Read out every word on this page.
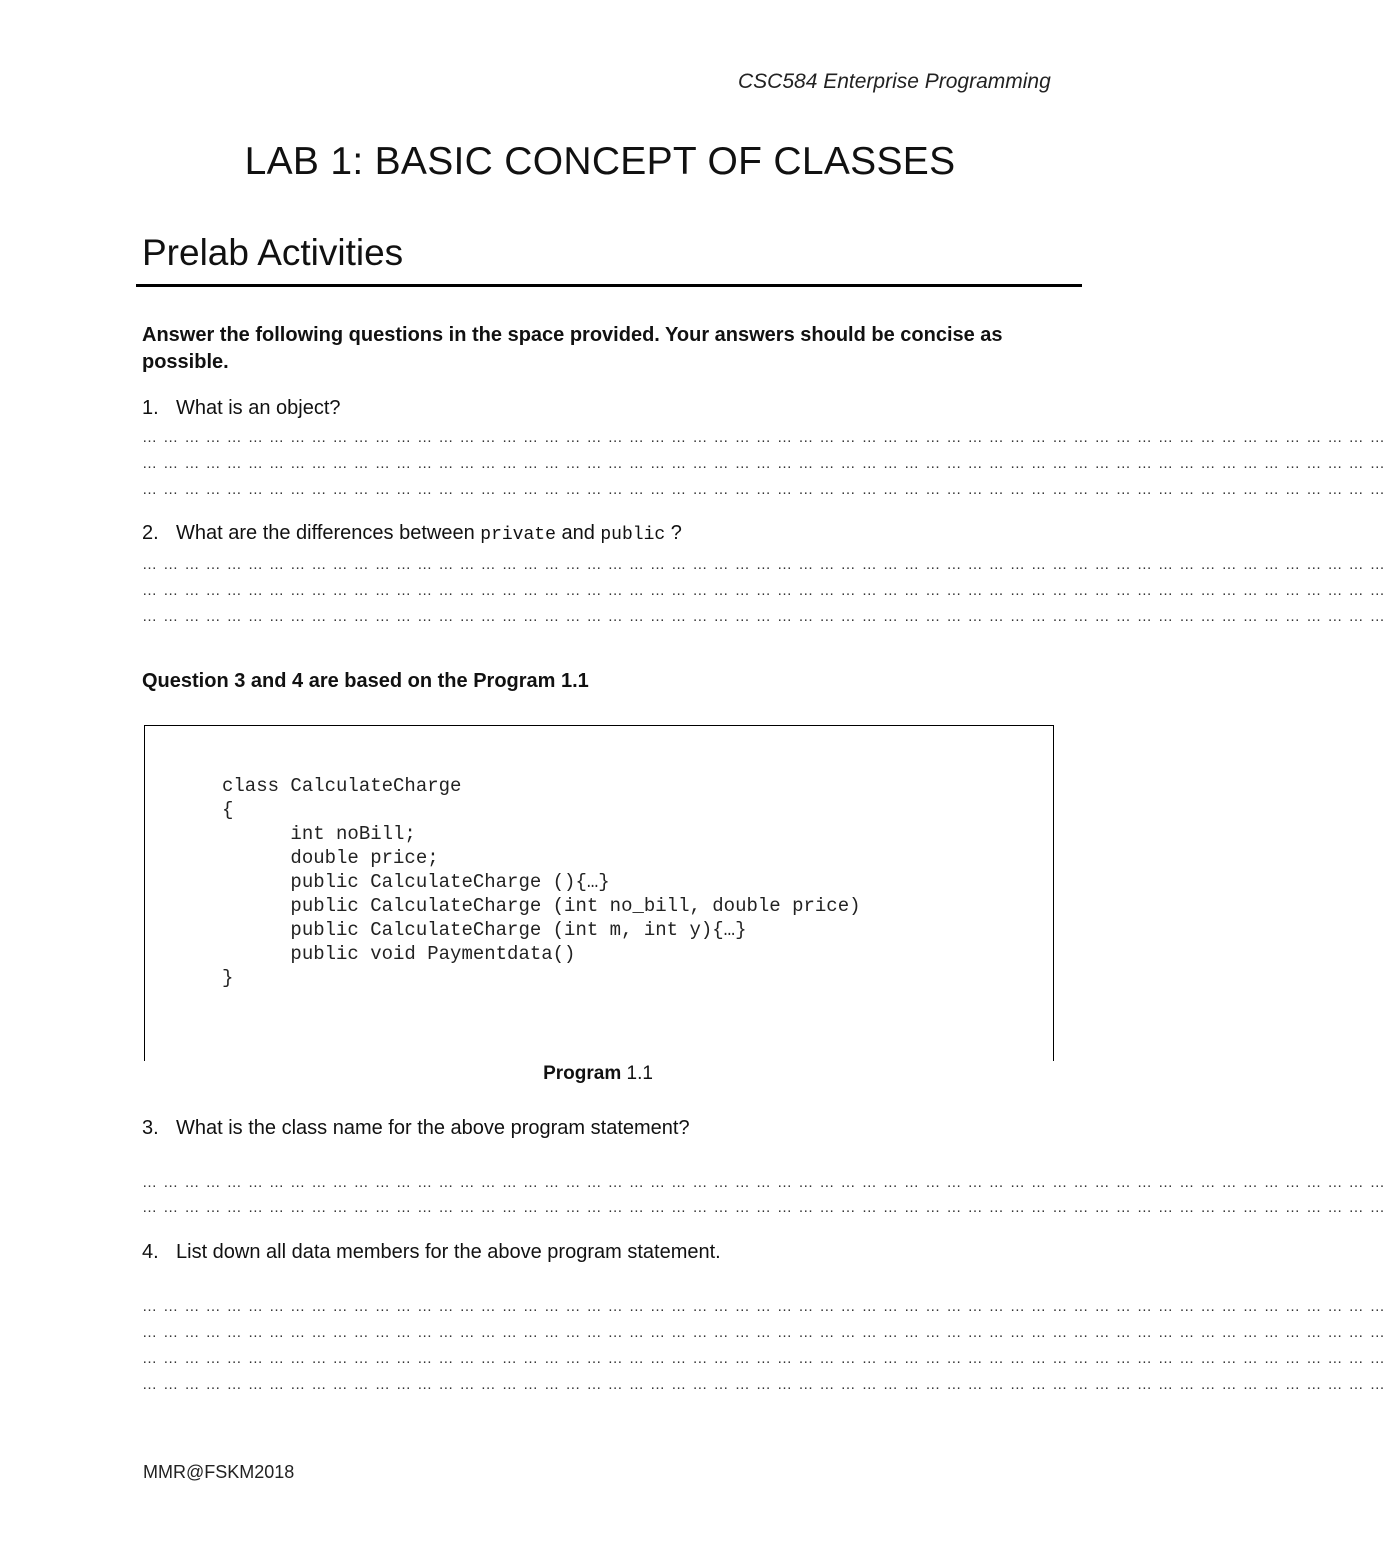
CSC584 Enterprise Programming
LAB 1: BASIC CONCEPT OF CLASSES
Prelab Activities
Answer the following questions in the space provided. Your answers should be concise as possible.
1. What is an object?
… … … … … … … … … … … … … … … … … … … … … … … … … … … … … … … … … … … … … … … … … … … … … … … … … … … … … … … … … … …
… … … … … … … … … … … … … … … … … … … … … … … … … … … … … … … … … … … … … … … … … … … … … … … … … … … … … … … … … … …
… … … … … … … … … … … … … … … … … … … … … … … … … … … … … … … … … … … … … … … … … … … … … … … … … … … … … … … … … … …
2. What are the differences between private and public ?
… … … … … … … … … … … … … … … … … … … … … … … … … … … … … … … … … … … … … … … … … … … … … … … … … … … … … … … … … … …
… … … … … … … … … … … … … … … … … … … … … … … … … … … … … … … … … … … … … … … … … … … … … … … … … … … … … … … … … … …
… … … … … … … … … … … … … … … … … … … … … … … … … … … … … … … … … … … … … … … … … … … … … … … … … … … … … … … … … … …
Question 3 and 4 are based on the Program 1.1

class CalculateCharge
{
int noBill;
double price;
public CalculateCharge (){…}
public CalculateCharge (int no_bill, double price)
public CalculateCharge (int m, int y){…}
public void Paymentdata()
}

Program 1.1
3. What is the class name for the above program statement?
… … … … … … … … … … … … … … … … … … … … … … … … … … … … … … … … … … … … … … … … … … … … … … … … … … … … … … … … … … …
… … … … … … … … … … … … … … … … … … … … … … … … … … … … … … … … … … … … … … … … … … … … … … … … … … … … … … … … … … …
4. List down all data members for the above program statement.
… … … … … … … … … … … … … … … … … … … … … … … … … … … … … … … … … … … … … … … … … … … … … … … … … … … … … … … … … … …
… … … … … … … … … … … … … … … … … … … … … … … … … … … … … … … … … … … … … … … … … … … … … … … … … … … … … … … … … … …
… … … … … … … … … … … … … … … … … … … … … … … … … … … … … … … … … … … … … … … … … … … … … … … … … … … … … … … … … … …
… … … … … … … … … … … … … … … … … … … … … … … … … … … … … … … … … … … … … … … … … … … … … … … … … … … … … … … … … … …
MMR@FSKM2018
